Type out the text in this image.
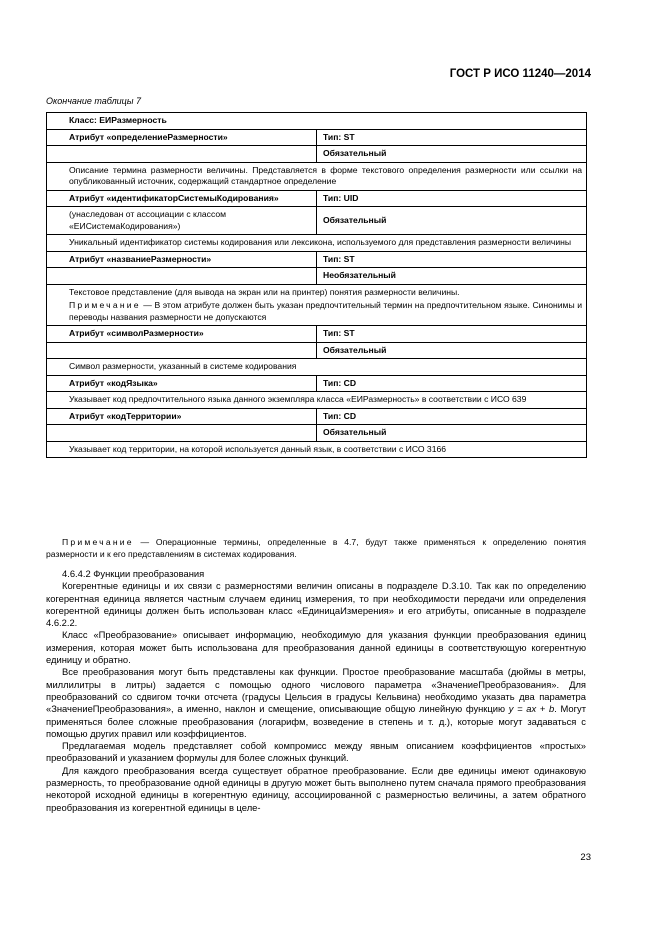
ГОСТ Р ИСО 11240—2014
Окончание таблицы 7
Класс: ЕИРазмерность	
Атрибут «определениеРазмерности»	Тип: ST
	Обязательный
Описание термина размерности величины. Представляется в форме текстового определения размерности или ссылки на опубликованный источник, содержащий стандартное определение	
Атрибут «идентификаторСистемыКодирования»	Тип: UID
(унаследован от ассоциации с классом «ЕИСистемаКодирования»)	Обязательный
Уникальный идентификатор системы кодирования или лексикона, используемого для представления размерности величины	
Атрибут «названиеРазмерности»	Тип: ST
	Необязательный

Текстовое представление (для вывода на экран или на принтер) понятия размерности величины.
Примечание — В этом атрибуте должен быть указан предпочтительный термин на предпочтительном языке. Синонимы и переводы названия размерности не допускаются	

Атрибут «символРазмерности»	Тип: ST
	Обязательный
Символ размерности, указанный в системе кодирования	
Атрибут «кодЯзыка»	Тип: CD
Указывает код предпочтительного языка данного экземпляра класса «ЕИРазмерность» в соответствии с ИСО 639	
Атрибут «кодТерритории»	Тип: CD
	Обязательный
Указывает код территории, на которой используется данный язык, в соответствии с ИСО 3166	

Примечание — Операционные термины, определенные в 4.7, будут также применяться к определению понятия размерности и к его представлениям в системах кодирования.

4.6.4.2 Функции преобразования

Когерентные единицы и их связи с размерностями величин описаны в подразделе D.3.10. Так как по определению когерентная единица является частным случаем единиц измерения, то при необходимости передачи или определения когерентной единицы должен быть использован класс «ЕдиницаИзмерения» и его атрибуты, описанные в подразделе 4.6.2.2.

Класс «Преобразование» описывает информацию, необходимую для указания функции преобразования единиц измерения, которая может быть использована для преобразования данной единицы в соответствующую когерентную единицу и обратно.

Все преобразования могут быть представлены как функции. Простое преобразование масштаба (дюймы в метры, миллилитры в литры) задается с помощью одного числового параметра «ЗначениеПреобразования». Для преобразований со сдвигом точки отсчета (градусы Цельсия в градусы Кельвина) необходимо указать два параметра «ЗначениеПреобразования», а именно, наклон и смещение, описывающие общую линейную функцию y = ax + b. Могут применяться более сложные преобразования (логарифм, возведение в степень и т. д.), которые могут задаваться с помощью других правил или коэффициентов.

Предлагаемая модель представляет собой компромисс между явным описанием коэффициентов «простых» преобразований и указанием формулы для более сложных функций.

Для каждого преобразования всегда существует обратное преобразование. Если две единицы имеют одинаковую размерность, то преобразование одной единицы в другую может быть выполнено путем сначала прямого преобразования некоторой исходной единицы в когерентную единицу, ассоциированной с размерностью величины, а затем обратного преобразования из когерентной единицы в целе-

23
